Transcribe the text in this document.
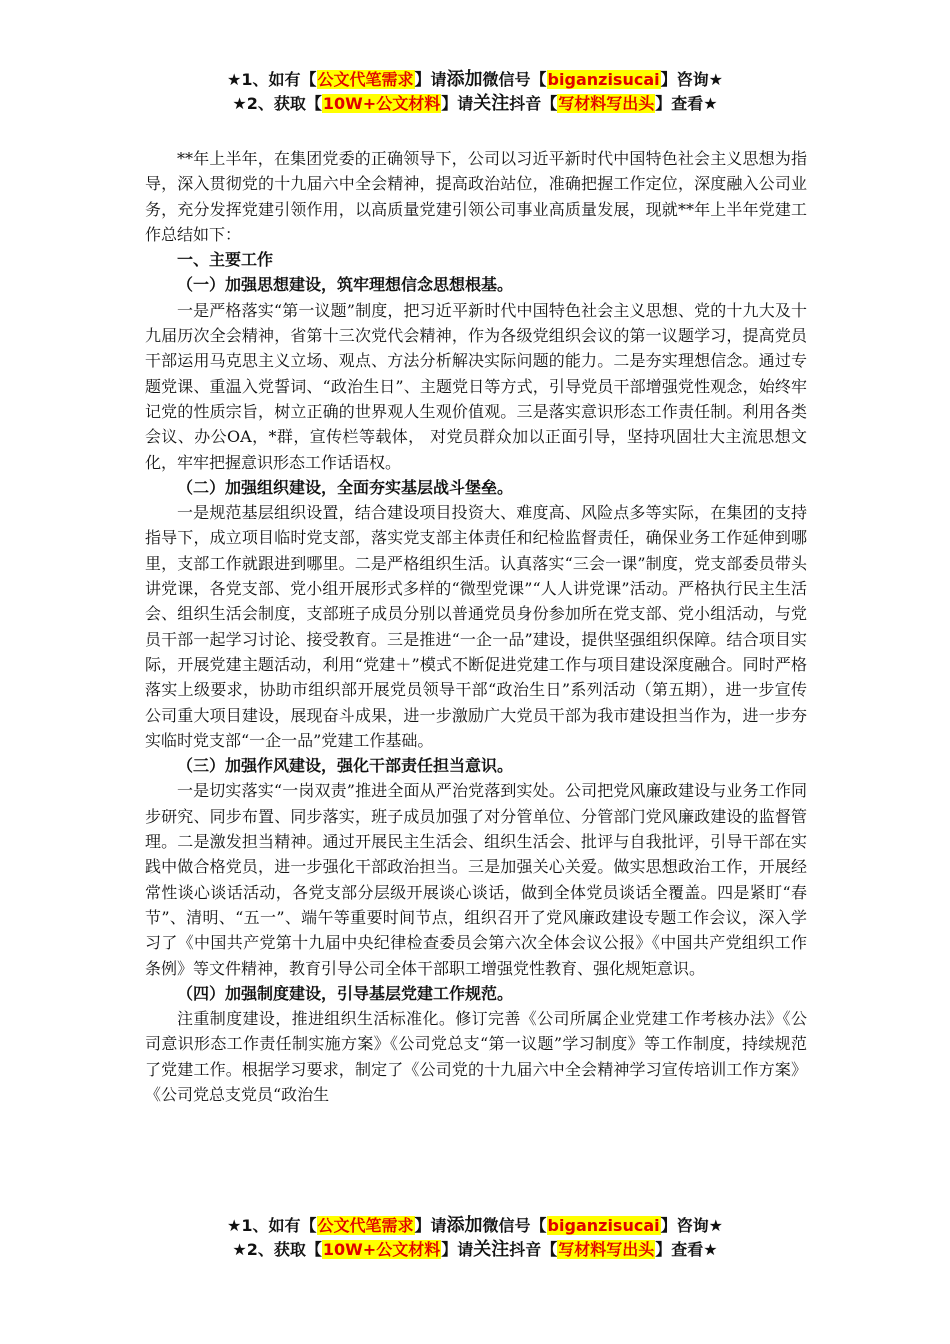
★1、如有【公文代笔需求】请添加微信号【biganzisucai】咨询★
★2、获取【10W+公文材料】请关注抖音【写材料写出头】查看★

**年上半年，在集团党委的正确领导下，公司以习近平新时代中国特色社会主义思想为指导，深入贯彻党的十九届六中全会精神，提高政治站位，准确把握工作定位，深度融入公司业务，充分发挥党建引领作用，以高质量党建引领公司事业高质量发展，现就**年上半年党建工作总结如下：

一、主要工作

（一）加强思想建设，筑牢理想信念思想根基。

一是严格落实“第一议题”制度，把习近平新时代中国特色社会主义思想、党的十九大及十九届历次全会精神，省第十三次党代会精神，作为各级党组织会议的第一议题学习，提高党员干部运用马克思主义立场、观点、方法分析解决实际问题的能力。二是夯实理想信念。通过专题党课、重温入党誓词、“政治生日”、主题党日等方式，引导党员干部增强党性观念，始终牢记党的性质宗旨，树立正确的世界观人生观价值观。三是落实意识形态工作责任制。利用各类会议、办公OA，*群，宣传栏等载体， 对党员群众加以正面引导，坚持巩固壮大主流思想文化，牢牢把握意识形态工作话语权。

（二）加强组织建设，全面夯实基层战斗堡垒。

一是规范基层组织设置，结合建设项目投资大、难度高、风险点多等实际，在集团的支持指导下，成立项目临时党支部，落实党支部主体责任和纪检监督责任，确保业务工作延伸到哪里，支部工作就跟进到哪里。二是严格组织生活。认真落实“三会一课”制度，党支部委员带头讲党课，各党支部、党小组开展形式多样的“微型党课”“人人讲党课”活动。严格执行民主生活会、组织生活会制度，支部班子成员分别以普通党员身份参加所在党支部、党小组活动，与党员干部一起学习讨论、接受教育。三是推进“一企一品”建设，提供坚强组织保障。结合项目实际，开展党建主题活动，利用“党建＋”模式不断促进党建工作与项目建设深度融合。同时严格落实上级要求，协助市组织部开展党员领导干部“政治生日”系列活动（第五期），进一步宣传公司重大项目建设，展现奋斗成果，进一步激励广大党员干部为我市建设担当作为，进一步夯实临时党支部“一企一品”党建工作基础。

（三）加强作风建设，强化干部责任担当意识。

一是切实落实“一岗双责”推进全面从严治党落到实处。公司把党风廉政建设与业务工作同步研究、同步布置、同步落实，班子成员加强了对分管单位、分管部门党风廉政建设的监督管理。二是激发担当精神。通过开展民主生活会、组织生活会、批评与自我批评，引导干部在实践中做合格党员，进一步强化干部政治担当。三是加强关心关爱。做实思想政治工作，开展经常性谈心谈话活动，各党支部分层级开展谈心谈话，做到全体党员谈话全覆盖。四是紧盯“春节”、清明、“五一”、端午等重要时间节点，组织召开了党风廉政建设专题工作会议，深入学习了《中国共产党第十九届中央纪律检查委员会第六次全体会议公报》《中国共产党组织工作条例》等文件精神，教育引导公司全体干部职工增强党性教育、强化规矩意识。

（四）加强制度建设，引导基层党建工作规范。

注重制度建设，推进组织生活标准化。修订完善《公司所属企业党建工作考核办法》《公司意识形态工作责任制实施方案》《公司党总支“第一议题”学习制度》等工作制度，持续规范了党建工作。根据学习要求，制定了《公司党的十九届六中全会精神学习宣传培训工作方案》《公司党总支党员“政治生

★1、如有【公文代笔需求】请添加微信号【biganzisucai】咨询★
★2、获取【10W+公文材料】请关注抖音【写材料写出头】查看★
